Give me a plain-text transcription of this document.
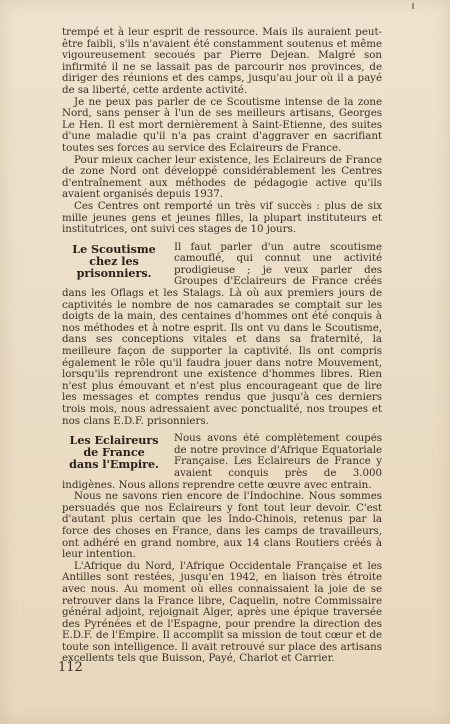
trempé et à leur esprit de ressource. Mais ils auraient peut-être faibli, s'ils n'avaient été constamment soutenus et même vigoureusement secoués par Pierre Dejean. Malgré son infirmité il ne se lassait pas de parcourir nos provinces, de diriger des réunions et des camps, jusqu'au jour où il a payé de sa liberté, cette ardente activité.

Je ne peux pas parler de ce Scoutisme intense de la zone Nord, sans penser à l'un de ses meilleurs artisans, Georges Le Hen. Il est mort dernièrement à Saint-Etienne, des suites d'une maladie qu'il n'a pas craint d'aggraver en sacrifiant toutes ses forces au service des Eclaireurs de France.

Pour mieux cacher leur existence, les Eclaireurs de France de zone Nord ont développé considérablement les Centres d'entraînement aux méthodes de pédagogie active qu'ils avaient organisés depuis 1937.

Ces Centres ont remporté un très vif succès : plus de six mille jeunes gens et jeunes filles, la plupart instituteurs et institutrices, ont suivi ces stages de 10 jours.

Le Scoutisme
chez les
prisonniers.

Il faut parler d'un autre scoutisme camouflé, qui connut une activité prodigieuse ; je veux parler des Groupes d'Eclaireurs de France créés dans les Oflags et les Stalags. Là où aux premiers jours de captivités le nombre de nos camarades se comptait sur les doigts de la main, des centaines d'hommes ont été conquis à nos méthodes et à notre esprit. Ils ont vu dans le Scoutisme, dans ses conceptions vitales et dans sa fraternité, la meilleure façon de supporter la captivité. Ils ont compris également le rôle qu'il faudra jouer dans notre Mouvement, lorsqu'ils reprendront une existence d'hommes libres. Rien n'est plus émouvant et n'est plus encourageant que de lire les messages et comptes rendus que jusqu'à ces derniers trois mois, nous adressaient avec ponctualité, nos troupes et nos clans E.D.F. prisonniers.

Les Eclaireurs
de France
dans l'Empire.

Nous avons été complètement coupés de notre province d'Afrique Equatoriale Française. Les Eclaireurs de France y avaient conquis près de 3.000 indigènes. Nous allons reprendre cette œuvre avec entrain.

Nous ne savons rien encore de l'Indochine. Nous sommes persuadés que nos Eclaireurs y font tout leur devoir. C'est d'autant plus certain que les Indo-Chinois, retenus par la force des choses en France, dans les camps de travailleurs, ont adhéré en grand nombre, aux 14 clans Routiers créés à leur intention.

L'Afrique du Nord, l'Afrique Occidentale Française et les Antilles sont restées, jusqu'en 1942, en liaison très étroite avec nous. Au moment où elles connaissaient la joie de se retrouver dans la France libre, Caquelin, notre Commissaire général adjoint, rejoignait Alger, après une épique traversée des Pyrénées et de l'Espagne, pour prendre la direction des E.D.F. de l'Empire. Il accomplit sa mission de tout cœur et de toute son intelligence. Il avait retrouvé sur place des artisans excellents tels que Buisson, Payé, Charlot et Carrier.

112
